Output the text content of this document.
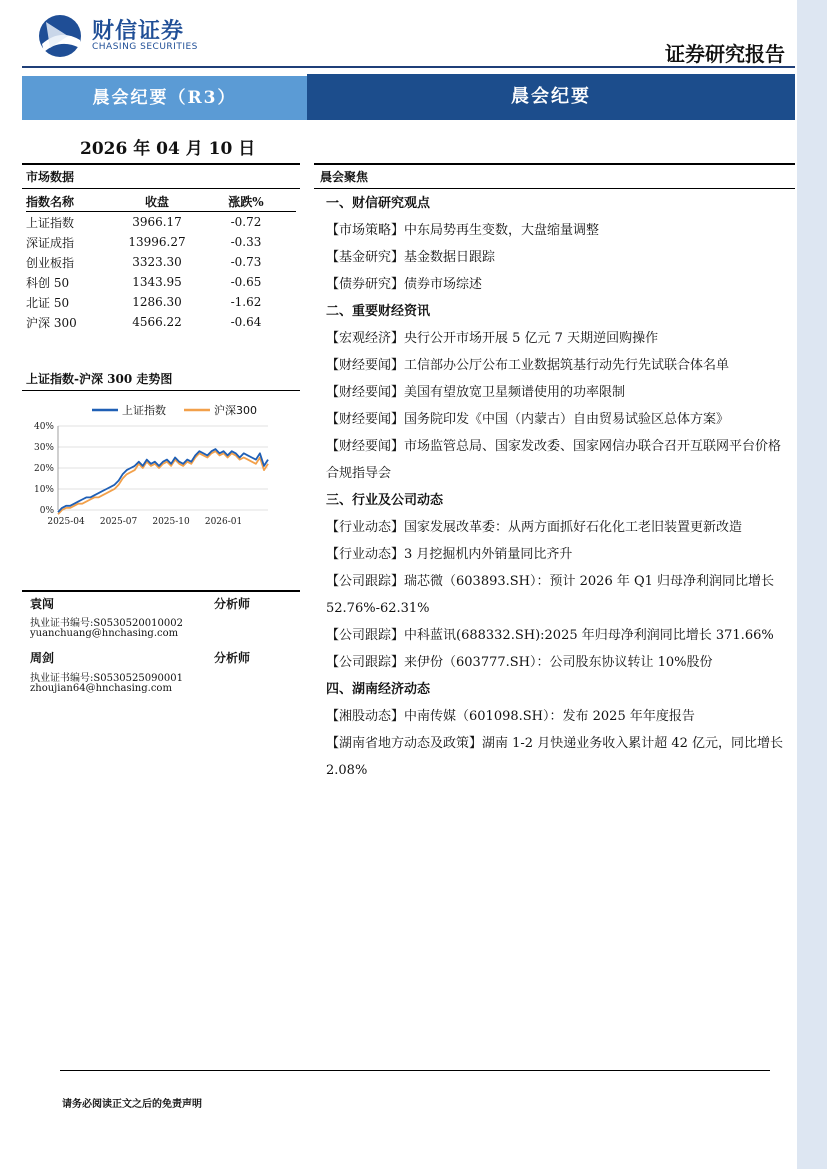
财信证券
CHASING SECURITIES	证券研究报告
晨会纪要（R3）	晨会纪要
2026 年 04 月 10 日
市场数据
指数名称	收盘	涨跌%
上证指数	3966.17	-0.72
深证成指	13996.27	-0.33
创业板指	3323.30	-0.73
科创 50	1343.95	-0.65
北证 50	1286.30	-1.62
沪深 300	4566.22	-0.64
上证指数-沪深 300 走势图
0%
10%
20%
30%
40%
2025-04 2025-07 2025-10 2026-01
上证指数	沪深300
袁闯	分析师
执业证书编号:S0530520010002
yuanchuang@hnchasing.com
周剑	分析师
执业证书编号:S0530525090001
zhoujian64@hnchasing.com
晨会聚焦
一、财信研究观点
【市场策略】中东局势再生变数，大盘缩量调整
【基金研究】基金数据日跟踪
【债券研究】债券市场综述
二、重要财经资讯
【宏观经济】央行公开市场开展 5 亿元 7 天期逆回购操作
【财经要闻】工信部办公厅公布工业数据筑基行动先行先试联合体名单
【财经要闻】美国有望放宽卫星频谱使用的功率限制
【财经要闻】国务院印发《中国（内蒙古）自由贸易试验区总体方案》
【财经要闻】市场监管总局、国家发改委、国家网信办联合召开互联网平台价格合规指导会
三、行业及公司动态
【行业动态】国家发展改革委：从两方面抓好石化化工老旧装置更新改造
【行业动态】3 月挖掘机内外销量同比齐升
【公司跟踪】瑞芯微（603893.SH）：预计 2026 年 Q1 归母净利润同比增长 52.76%-62.31%
【公司跟踪】中科蓝讯(688332.SH):2025 年归母净利润同比增长 371.66%
【公司跟踪】来伊份（603777.SH）：公司股东协议转让 10%股份
四、湖南经济动态
【湘股动态】中南传媒（601098.SH）：发布 2025 年年度报告
【湖南省地方动态及政策】湖南 1-2 月快递业务收入累计超 42 亿元，同比增长 2.08%
请务必阅读正文之后的免责声明
